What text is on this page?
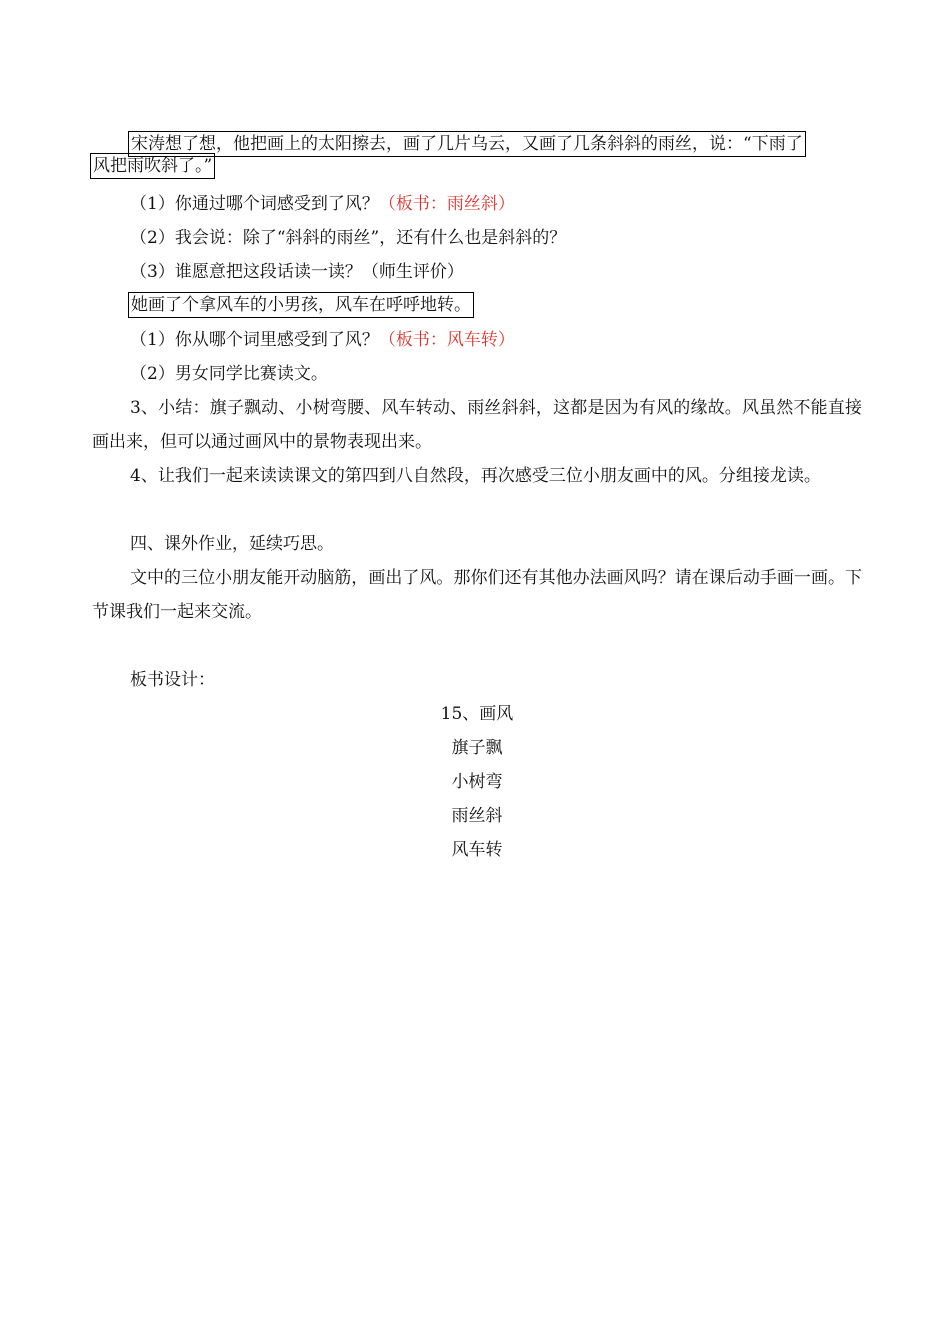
宋涛想了想，他把画上的太阳擦去，画了几片乌云，又画了几条斜斜的雨丝，说：“下雨了
风把雨吹斜了。”
（1）你通过哪个词感受到了风？（板书：雨丝斜）
（2）我会说：除了“斜斜的雨丝”，还有什么也是斜斜的？
（3）谁愿意把这段话读一读？（师生评价）
她画了个拿风车的小男孩，风车在呼呼地转。
（1）你从哪个词里感受到了风？（板书：风车转）
（2）男女同学比赛读文。
3、小结：旗子飘动、小树弯腰、风车转动、雨丝斜斜，这都是因为有风的缘故。风虽然不能直接画出来，但可以通过画风中的景物表现出来。
4、让我们一起来读读课文的第四到八自然段，再次感受三位小朋友画中的风。分组接龙读。
四、课外作业，延续巧思。
文中的三位小朋友能开动脑筋，画出了风。那你们还有其他办法画风吗？请在课后动手画一画。下节课我们一起来交流。
板书设计：
15、画风
旗子飘
小树弯
雨丝斜
风车转
